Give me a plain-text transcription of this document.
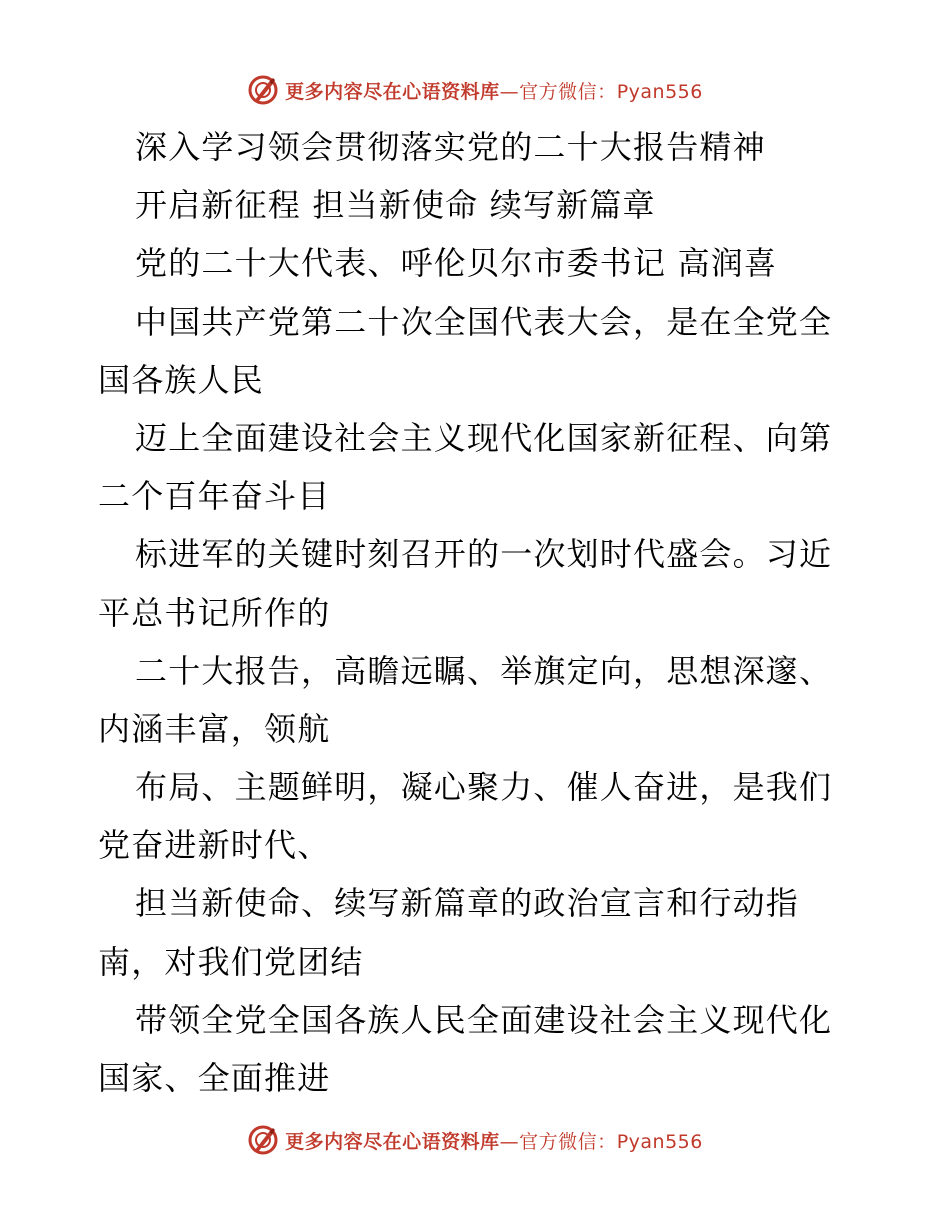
更多内容尽在心语资料库—官方微信：Pyan556
深入学习领会贯彻落实党的二十大报告精神
开启新征程 担当新使命 续写新篇章
党的二十大代表、呼伦贝尔市委书记 高润喜
中国共产党第二十次全国代表大会，是在全党全
国各族人民
迈上全面建设社会主义现代化国家新征程、向第
二个百年奋斗目
标进军的关键时刻召开的一次划时代盛会。习近
平总书记所作的
二十大报告，高瞻远瞩、举旗定向，思想深邃、
内涵丰富，领航
布局、主题鲜明，凝心聚力、催人奋进，是我们
党奋进新时代、
担当新使命、续写新篇章的政治宣言和行动指
南，对我们党团结
带领全党全国各族人民全面建设社会主义现代化
国家、全面推进
更多内容尽在心语资料库—官方微信：Pyan556
